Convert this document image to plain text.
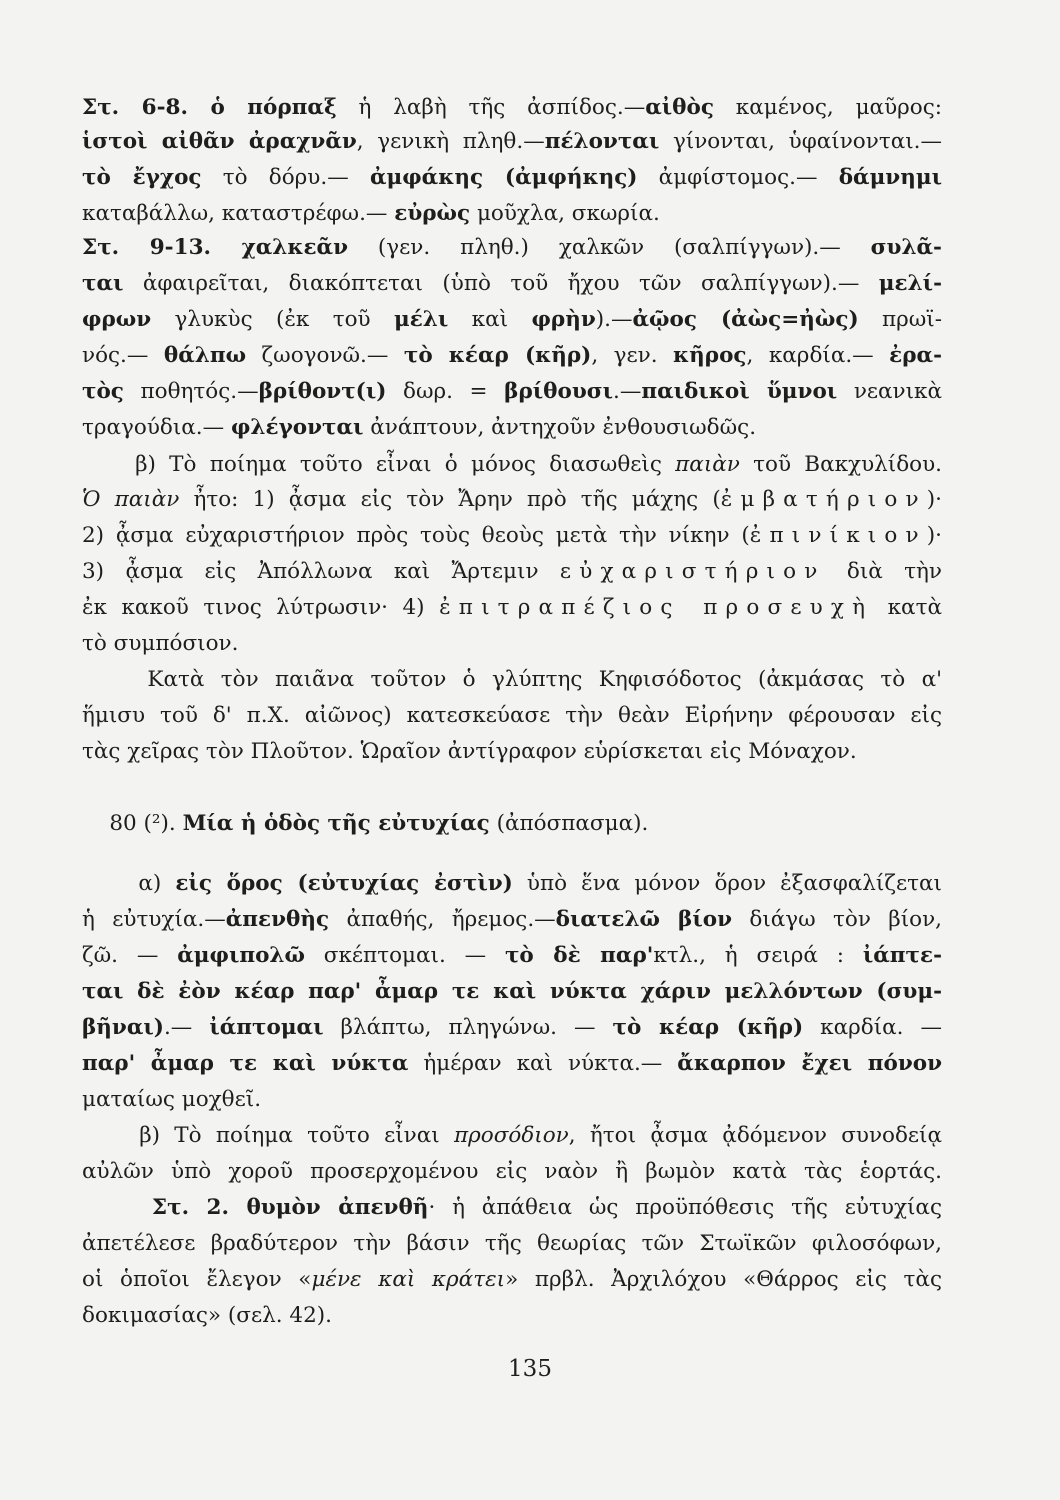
Στ. 6-8. ὁ πόρπαξ ἡ λαβὴ τῆς ἀσπίδος.—αἰθὸς καμένος, μαῦρος:
ἱστοὶ αἰθᾶν ἀραχνᾶν, γενικὴ πληθ.—πέλονται γίνονται, ὑφαίνονται.—
τὸ ἔγχος τὸ δόρυ.— ἀμφάκης (ἀμφήκης) ἀμφίστομος.— δάμνημι
καταβάλλω, καταστρέφω.— εὐρὼς μοῦχλα, σκωρία.
Στ. 9-13. χαλκεᾶν (γεν. πληθ.) χαλκῶν (σαλπίγγων).— συλᾶ-
ται ἀφαιρεῖται, διακόπτεται (ὑπὸ τοῦ ἤχου τῶν σαλπίγγων).— μελί-
φρων γλυκὺς (ἐκ τοῦ μέλι καὶ φρὴν).—ἀῷος (ἀὼς=ἠὼς) πρωϊ-
νός.— θάλπω ζωογονῶ.— τὸ κέαρ (κῆρ), γεν. κῆρος, καρδία.— ἐρα-
τὸς ποθητός.—βρίθοντ(ι) δωρ. = βρίθουσι.—παιδικοὶ ὕμνοι νεανικὰ
τραγούδια.— φλέγονται ἀνάπτουν, ἀντηχοῦν ἐνθουσιωδῶς.
β) Τὸ ποίημα τοῦτο εἶναι ὁ μόνος διασωθεὶς παιὰν τοῦ Βακχυλίδου.
Ὁ παιὰν ἦτο: 1) ᾆσμα εἰς τὸν Ἄρην πρὸ τῆς μάχης (ἐμβατήριον)·
2) ᾆσμα εὐχαριστήριον πρὸς τοὺς θεοὺς μετὰ τὴν νίκην (ἐπινίκιον)·
3) ᾆσμα εἰς Ἀπόλλωνα καὶ Ἄρτεμιν εὐχαριστήριον διὰ τὴν
ἐκ κακοῦ τινος λύτρωσιν· 4) ἐπιτραπέζιος προσευχὴ κατὰ
τὸ συμπόσιον.
Κατὰ τὸν παιᾶνα τοῦτον ὁ γλύπτης Κηφισόδοτος (ἀκμάσας τὸ α'
ἥμισυ τοῦ δ' π.Χ. αἰῶνος) κατεσκεύασε τὴν θεὰν Εἰρήνην φέρουσαν εἰς
τὰς χεῖρας τὸν Πλοῦτον. Ὡραῖον ἀντίγραφον εὑρίσκεται εἰς Μόναχον.
80 (²). Μία ἡ ὁδὸς τῆς εὐτυχίας (ἀπόσπασμα).
α) εἰς ὅρος (εὐτυχίας ἐστὶν) ὑπὸ ἕνα μόνον ὅρον ἐξασφαλίζεται
ἡ εὐτυχία.—ἀπενθὴς ἀπαθής, ἤρεμος.—διατελῶ βίον διάγω τὸν βίον,
ζῶ. — ἀμφιπολῶ σκέπτομαι. — τὸ δὲ παρ'κτλ., ἡ σειρά : ἰάπτε-
ται δὲ ἐὸν κέαρ παρ' ἆμαρ τε καὶ νύκτα χάριν μελλόντων (συμ-
βῆναι).— ἰάπτομαι βλάπτω, πληγώνω. — τὸ κέαρ (κῆρ) καρδία. —
παρ' ἆμαρ τε καὶ νύκτα ἡμέραν καὶ νύκτα.— ἄκαρπον ἔχει πόνον
ματαίως μοχθεῖ.
β) Τὸ ποίημα τοῦτο εἶναι προσόδιον, ἤτοι ᾆσμα ᾀδόμενον συνοδείᾳ
αὐλῶν ὑπὸ χοροῦ προσερχομένου εἰς ναὸν ἢ βωμὸν κατὰ τὰς ἑορτάς.
Στ. 2. θυμὸν ἀπενθῆ· ἡ ἀπάθεια ὡς προϋπόθεσις τῆς εὐτυχίας
ἀπετέλεσε βραδύτερον τὴν βάσιν τῆς θεωρίας τῶν Στωϊκῶν φιλοσόφων,
οἱ ὁποῖοι ἔλεγον «μένε καὶ κράτει» πρβλ. Ἀρχιλόχου «Θάρρος εἰς τὰς
δοκιμασίας» (σελ. 42).
135
